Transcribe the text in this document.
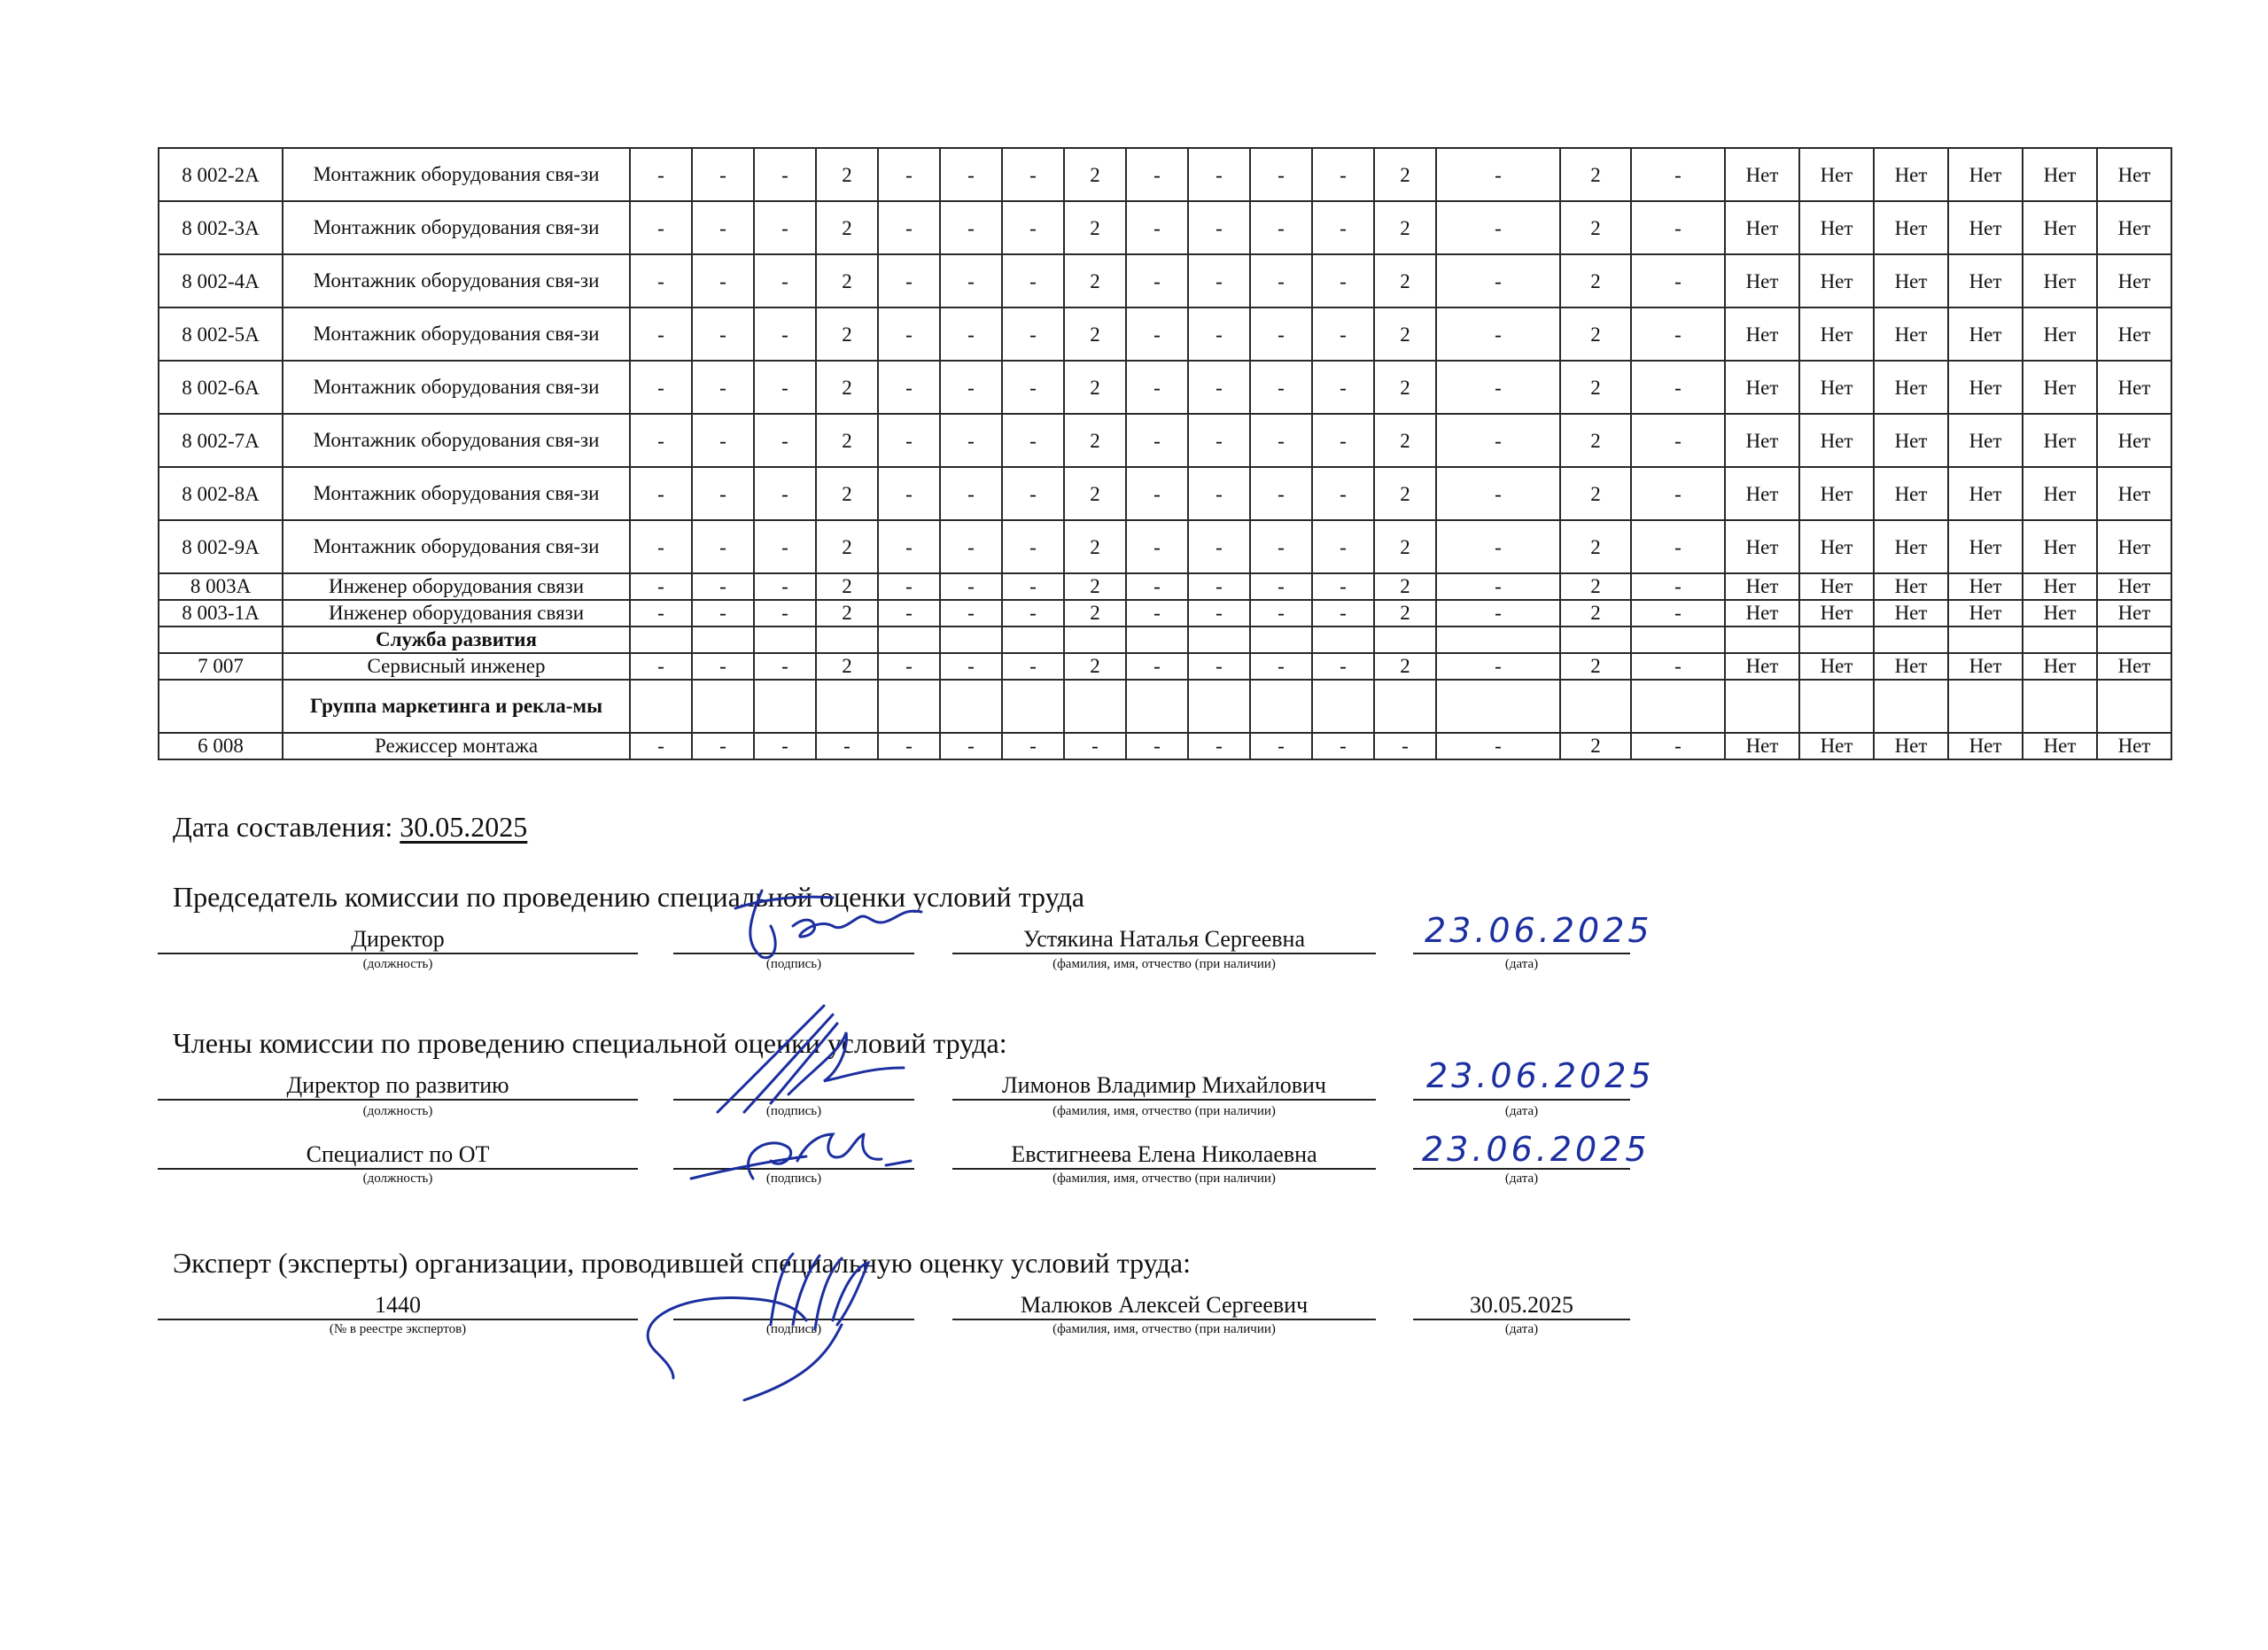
8 002-2А	Монтажник оборудования свя-зи	-	-	-	2	-	-	-	2	-	-	-	-	2	-	2	-	Нет	Нет	Нет	Нет	Нет	Нет
8 002-3А	Монтажник оборудования свя-зи	-	-	-	2	-	-	-	2	-	-	-	-	2	-	2	-	Нет	Нет	Нет	Нет	Нет	Нет
8 002-4А	Монтажник оборудования свя-зи	-	-	-	2	-	-	-	2	-	-	-	-	2	-	2	-	Нет	Нет	Нет	Нет	Нет	Нет
8 002-5А	Монтажник оборудования свя-зи	-	-	-	2	-	-	-	2	-	-	-	-	2	-	2	-	Нет	Нет	Нет	Нет	Нет	Нет
8 002-6А	Монтажник оборудования свя-зи	-	-	-	2	-	-	-	2	-	-	-	-	2	-	2	-	Нет	Нет	Нет	Нет	Нет	Нет
8 002-7А	Монтажник оборудования свя-зи	-	-	-	2	-	-	-	2	-	-	-	-	2	-	2	-	Нет	Нет	Нет	Нет	Нет	Нет
8 002-8А	Монтажник оборудования свя-зи	-	-	-	2	-	-	-	2	-	-	-	-	2	-	2	-	Нет	Нет	Нет	Нет	Нет	Нет
8 002-9А	Монтажник оборудования свя-зи	-	-	-	2	-	-	-	2	-	-	-	-	2	-	2	-	Нет	Нет	Нет	Нет	Нет	Нет
8 003А	Инженер оборудования связи	-	-	-	2	-	-	-	2	-	-	-	-	2	-	2	-	Нет	Нет	Нет	Нет	Нет	Нет
8 003-1А	Инженер оборудования связи	-	-	-	2	-	-	-	2	-	-	-	-	2	-	2	-	Нет	Нет	Нет	Нет	Нет	Нет
	Служба развития																						
7 007	Сервисный инженер	-	-	-	2	-	-	-	2	-	-	-	-	2	-	2	-	Нет	Нет	Нет	Нет	Нет	Нет
	Группа маркетинга и рекла-мы																						
6 008	Режиссер монтажа	-	-	-	-	-	-	-	-	-	-	-	-	-	-	2	-	Нет	Нет	Нет	Нет	Нет	Нет
Дата составления: 30.05.2025
Председатель комиссии по проведению специальной оценки условий труда
Директор	Устякина Наталья Сергеевна	23.06.2025
(должность)	(подпись)	(фамилия, имя, отчество (при наличии)	(дата)
Члены комиссии по проведению специальной оценки условий труда:
Директор по развитию	Лимонов Владимир Михайлович	23.06.2025
(должность)	(подпись)	(фамилия, имя, отчество (при наличии)	(дата)
Специалист по ОТ	Евстигнеева Елена Николаевна	23.06.2025
(должность)	(подпись)	(фамилия, имя, отчество (при наличии)	(дата)
Эксперт (эксперты) организации, проводившей специальную оценку условий труда:
1440	Малюков Алексей Сергеевич	30.05.2025
(№ в реестре экспертов)	(подпись)	(фамилия, имя, отчество (при наличии)	(дата)
